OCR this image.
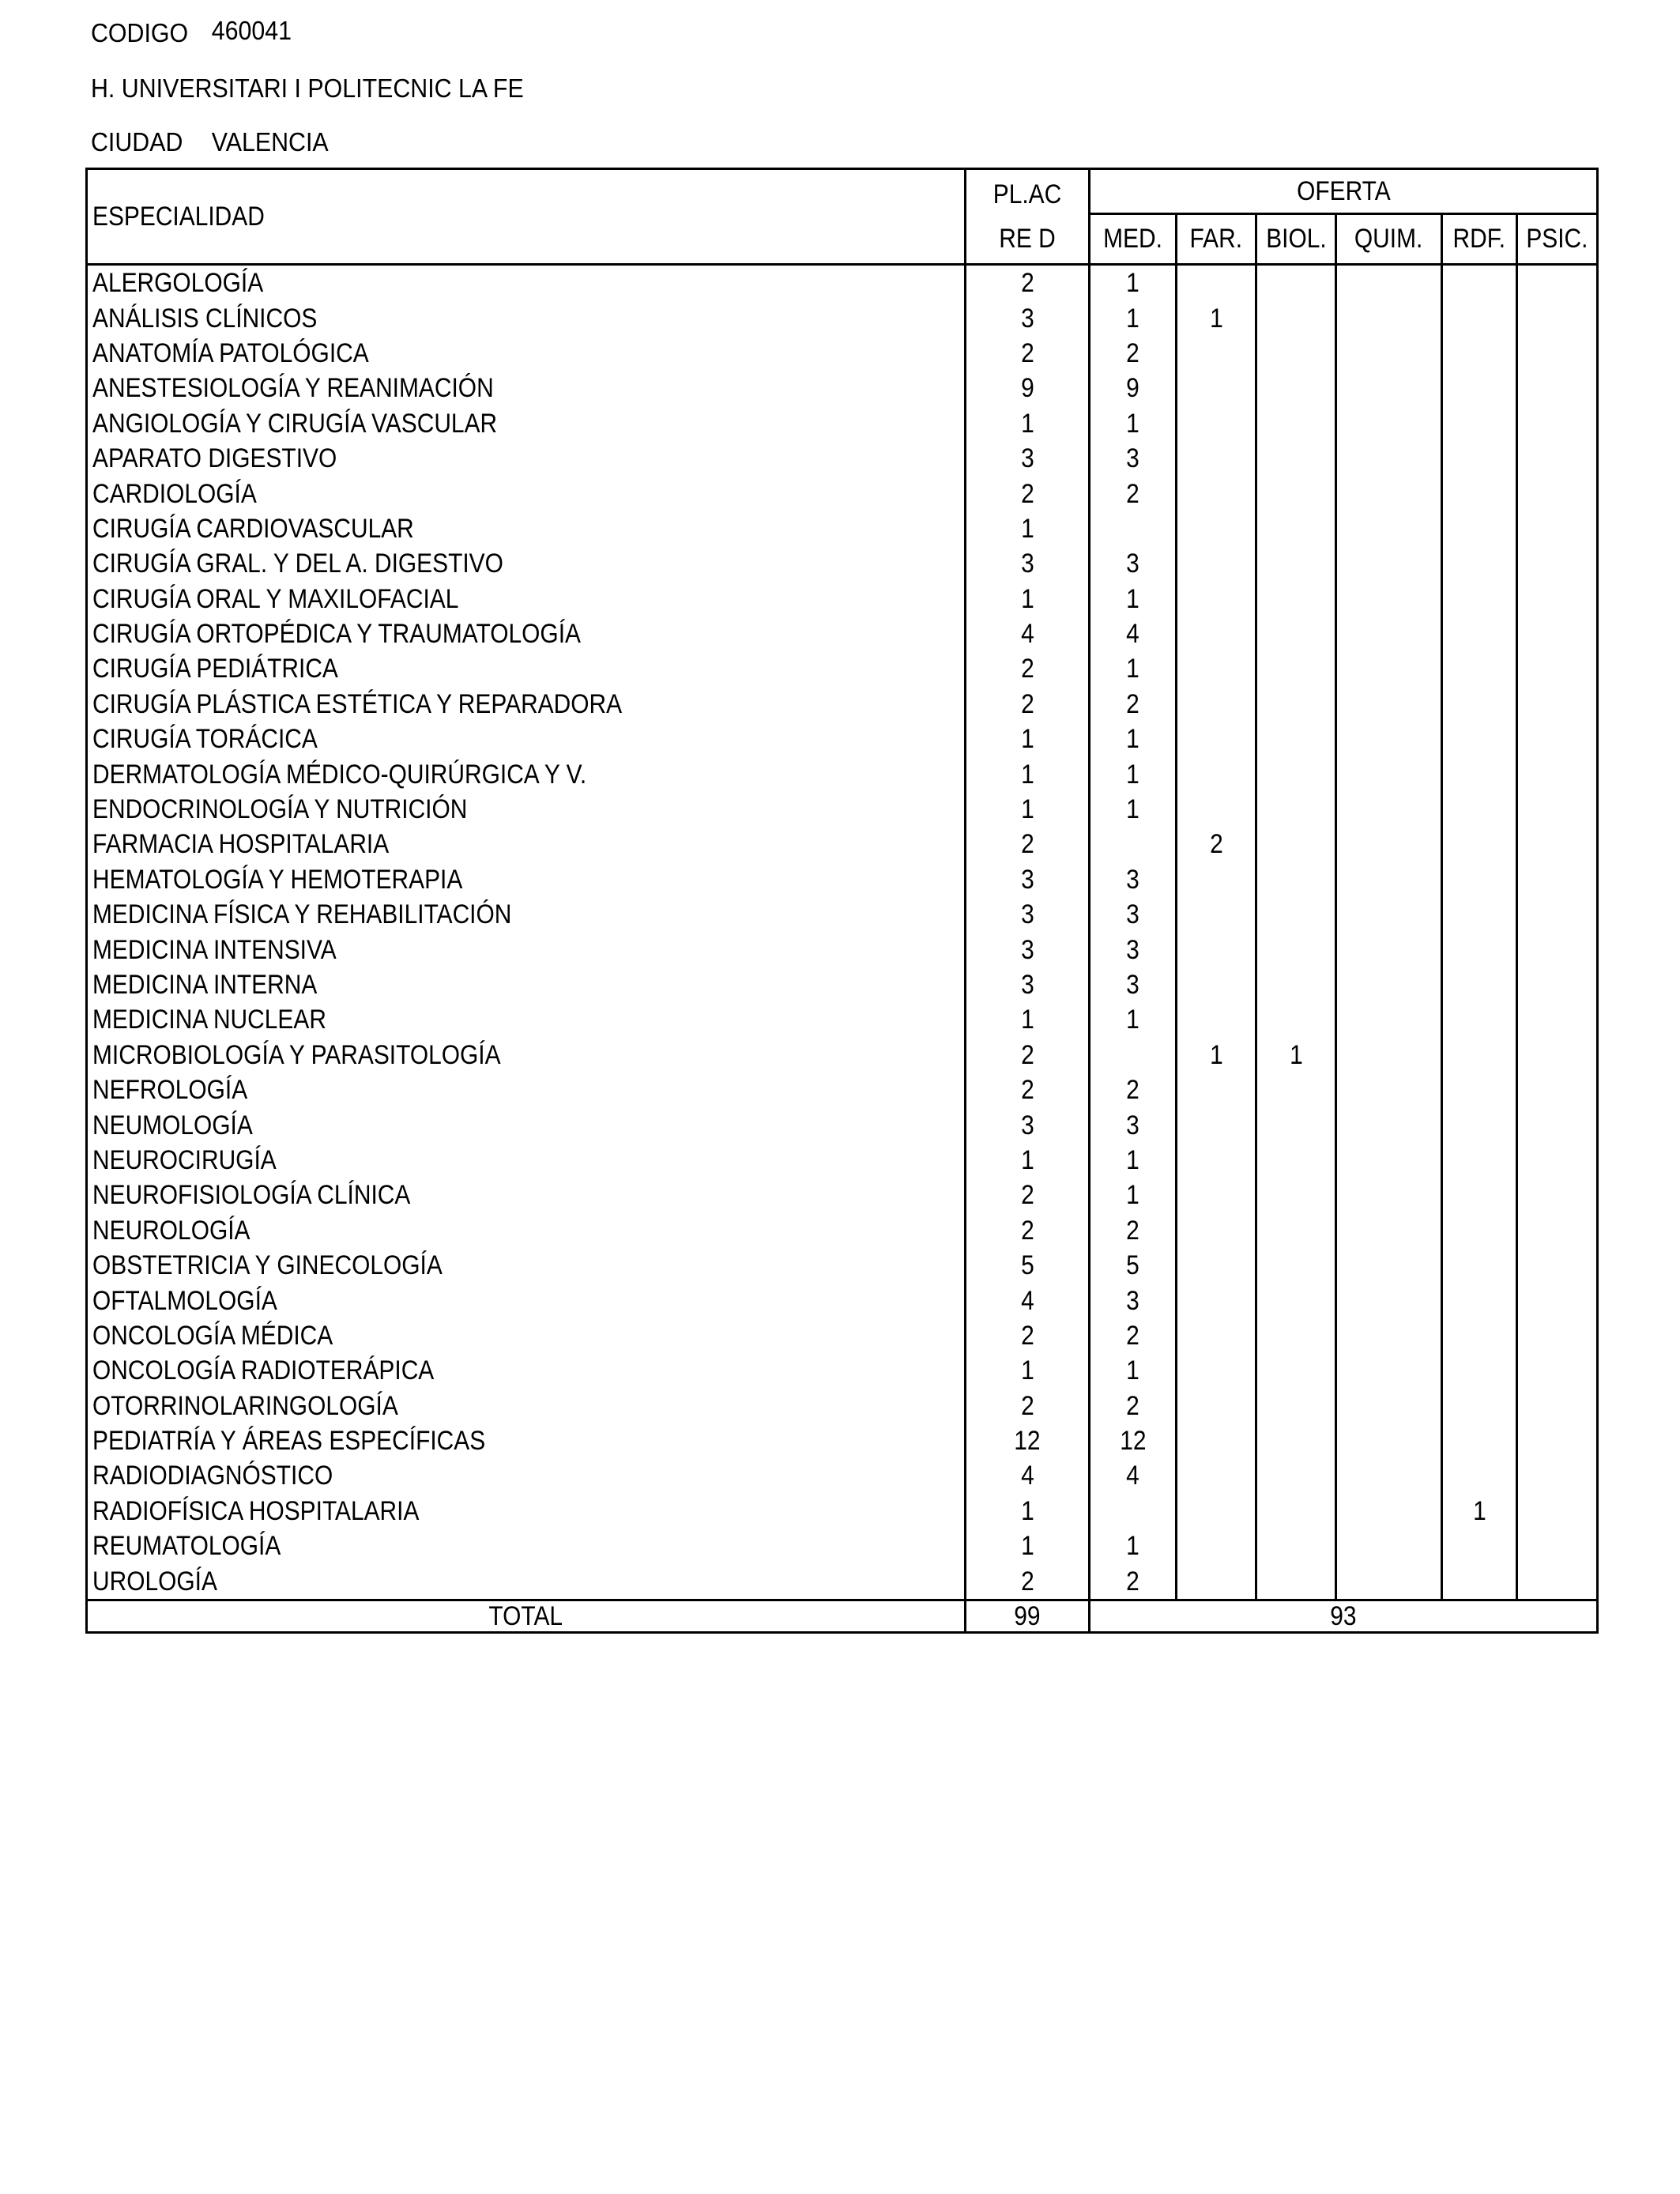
CODIGO 460041
H. UNIVERSITARI I POLITECNIC LA FE
CIUDAD VALENCIA
ESPECIALIDAD	PL.ACRE D	OFERTA					
		MED.	FAR.	BIOL.	QUIM.	RDF.	PSIC.
ALERGOLOGÍA	2	1					
ANÁLISIS CLÍNICOS	3	1	1				
ANATOMÍA PATOLÓGICA	2	2					
ANESTESIOLOGÍA Y REANIMACIÓN	9	9					
ANGIOLOGÍA Y CIRUGÍA VASCULAR	1	1					
APARATO DIGESTIVO	3	3					
CARDIOLOGÍA	2	2					
CIRUGÍA CARDIOVASCULAR	1						
CIRUGÍA GRAL. Y DEL A. DIGESTIVO	3	3					
CIRUGÍA ORAL Y MAXILOFACIAL	1	1					
CIRUGÍA ORTOPÉDICA Y TRAUMATOLOGÍA	4	4					
CIRUGÍA PEDIÁTRICA	2	1					
CIRUGÍA PLÁSTICA ESTÉTICA Y REPARADORA	2	2					
CIRUGÍA TORÁCICA	1	1					
DERMATOLOGÍA MÉDICO-QUIRÚRGICA Y V.	1	1					
ENDOCRINOLOGÍA Y NUTRICIÓN	1	1					
FARMACIA HOSPITALARIA	2		2				
HEMATOLOGÍA Y HEMOTERAPIA	3	3					
MEDICINA FÍSICA Y REHABILITACIÓN	3	3					
MEDICINA INTENSIVA	3	3					
MEDICINA INTERNA	3	3					
MEDICINA NUCLEAR	1	1					
MICROBIOLOGÍA Y PARASITOLOGÍA	2		1	1			
NEFROLOGÍA	2	2					
NEUMOLOGÍA	3	3					
NEUROCIRUGÍA	1	1					
NEUROFISIOLOGÍA CLÍNICA	2	1					
NEUROLOGÍA	2	2					
OBSTETRICIA Y GINECOLOGÍA	5	5					
OFTALMOLOGÍA	4	3					
ONCOLOGÍA MÉDICA	2	2					
ONCOLOGÍA RADIOTERÁPICA	1	1					
OTORRINOLARINGOLOGÍA	2	2					
PEDIATRÍA Y ÁREAS ESPECÍFICAS	12	12					
RADIODIAGNÓSTICO	4	4					
RADIOFÍSICA HOSPITALARIA	1					1	
REUMATOLOGÍA	1	1					
UROLOGÍA	2	2					
TOTAL	99	93					
